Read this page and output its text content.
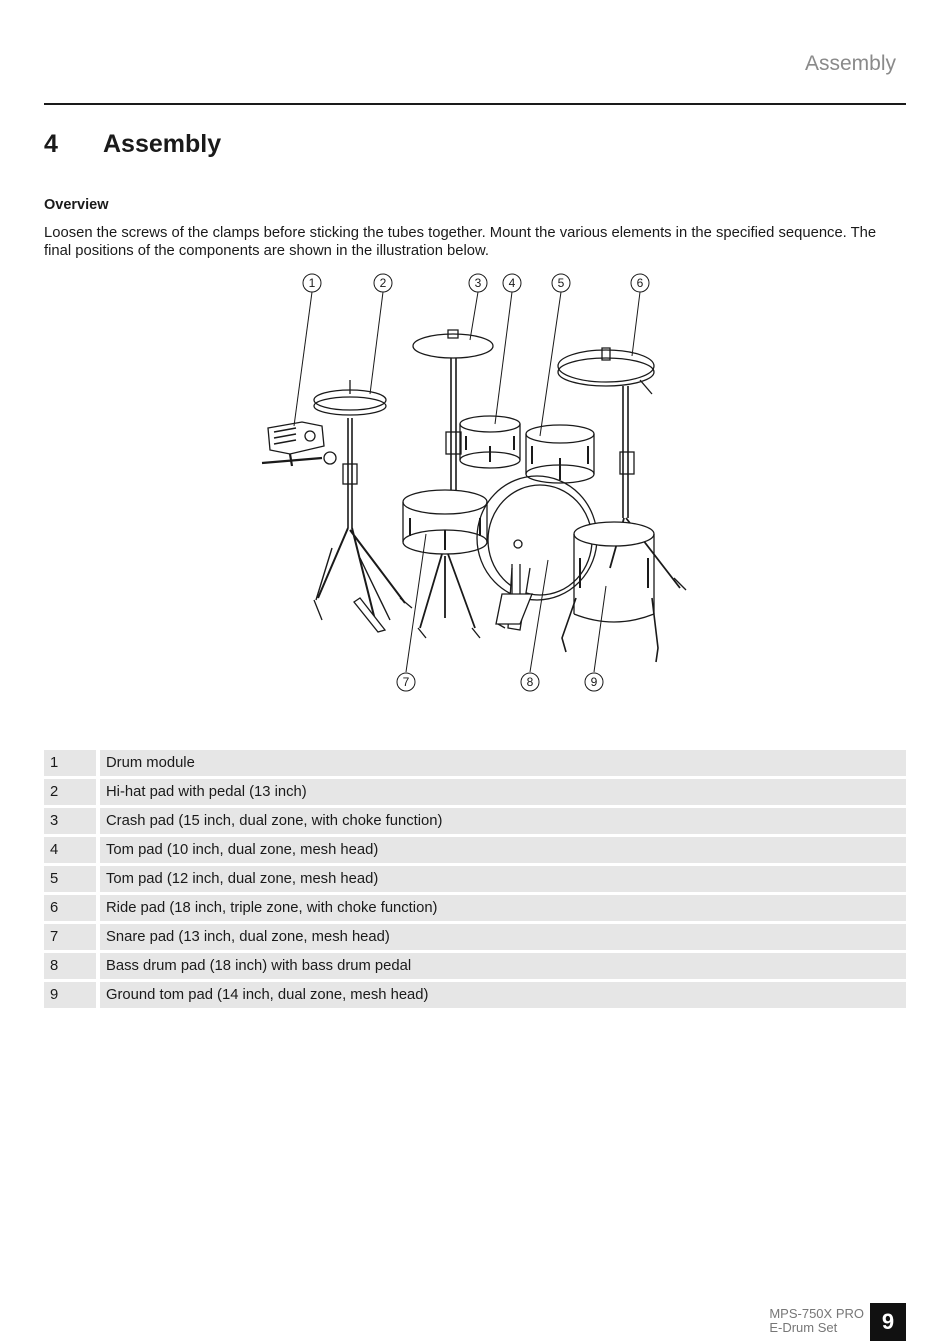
Assembly
4 Assembly
Overview
Loosen the screws of the clamps before sticking the tubes together. Mount the various elements in the specified sequence. The final positions of the components are shown in the illustration below.
1	2	3 4	5	6
7	8	9
1	Drum module
2	Hi-hat pad with pedal (13 inch)
3	Crash pad (15 inch, dual zone, with choke function)
4	Tom pad (10 inch, dual zone, mesh head)
5	Tom pad (12 inch, dual zone, mesh head)
6	Ride pad (18 inch, triple zone, with choke function)
7	Snare pad (13 inch, dual zone, mesh head)
8	Bass drum pad (18 inch) with bass drum pedal
9	Ground tom pad (14 inch, dual zone, mesh head)
MPS-750X PRO
E-Drum Set	9
